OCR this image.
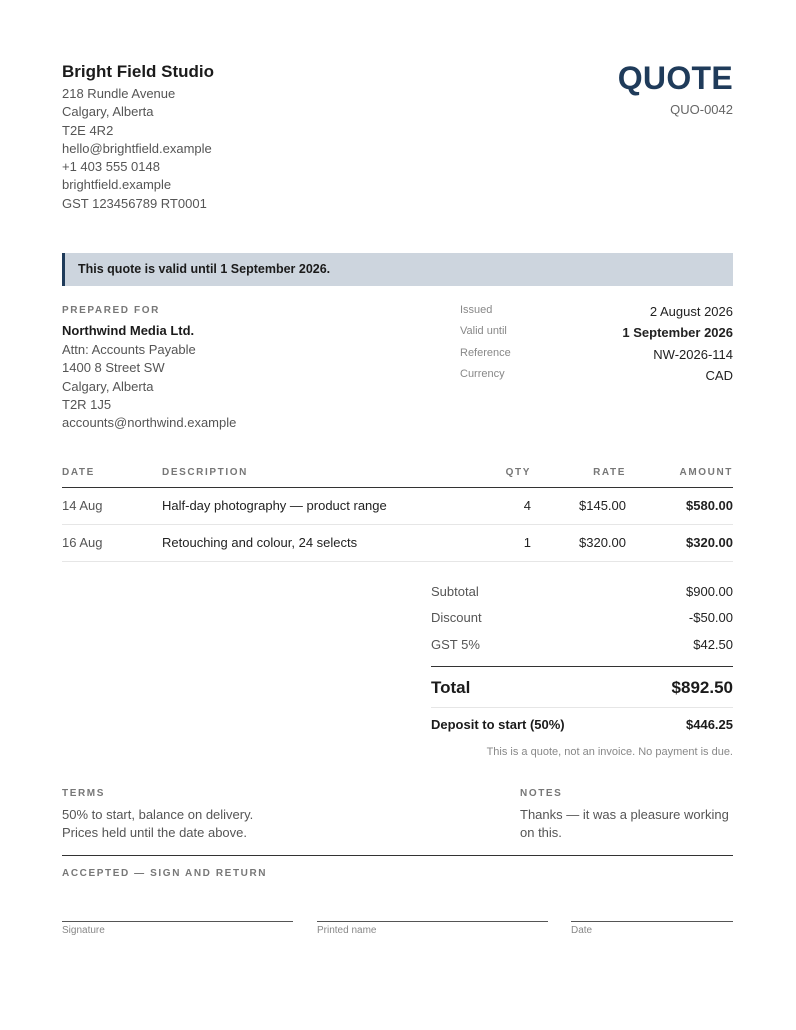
Bright Field Studio
218 Rundle Avenue
Calgary, Alberta
T2E 4R2
hello@brightfield.example
+1 403 555 0148
brightfield.example
GST 123456789 RT0001
QUOTE
QUO-0042
This quote is valid until 1 September 2026.
PREPARED FOR
Northwind Media Ltd.
Attn: Accounts Payable
1400 8 Street SW
Calgary, Alberta
T2R 1J5
accounts@northwind.example
Issued	2 August 2026
Valid until	1 September 2026
Reference	NW-2026-114
Currency	CAD
DATE	DESCRIPTION	QTY	RATE	AMOUNT
14 Aug	Half-day photography — product range	4	$145.00	$580.00
16 Aug	Retouching and colour, 24 selects	1	$320.00	$320.00
Subtotal	$900.00
Discount	-$50.00
GST 5%	$42.50
Total	$892.50
Deposit to start (50%)	$446.25
This is a quote, not an invoice. No payment is due.
TERMS
50% to start, balance on delivery.
Prices held until the date above.
NOTES
Thanks — it was a pleasure working on this.
ACCEPTED — SIGN AND RETURN
Signature	Printed name	Date
